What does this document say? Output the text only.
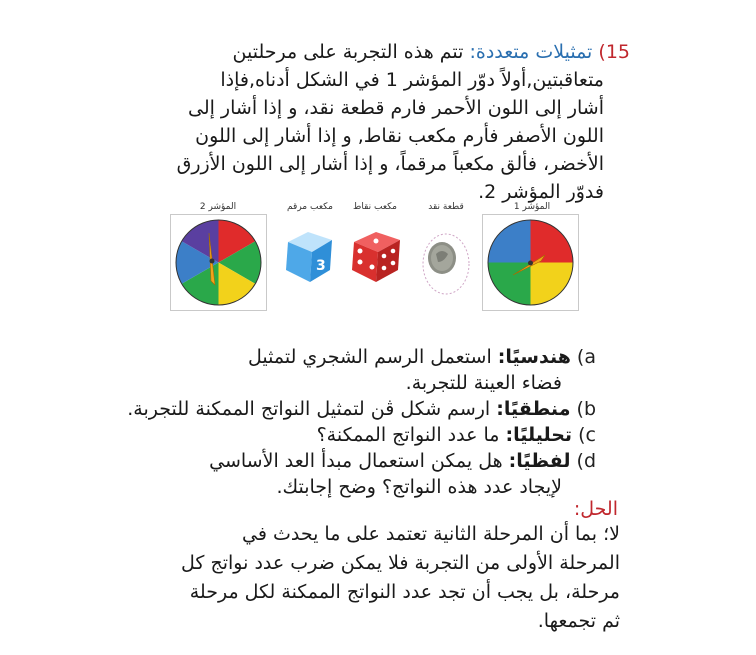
15) تمثيلات متعددة: تتم هذه التجربة على مرحلتين
متعاقبتين,أولاً دوّر المؤشر 1 في الشكل أدناه,فإذا
أشار إلى اللون الأحمر فارم قطعة نقد، و إذا أشار إلى
اللون الأصفر فأرم مكعب نقاط, و إذا أشار إلى اللون
الأخضر، فألق مكعباً مرقماً، و إذا أشار إلى اللون الأزرق
فدوّر المؤشر 2.
المؤشر 1
قطعة نقد
مكعب نقاط
مكعب مرقم
المؤشر 2
3
a) هندسيًا: استعمل الرسم الشجري لتمثيل
فضاء العينة للتجربة.
b) منطقيًا: ارسم شكل ڤن لتمثيل النواتج الممكنة للتجربة.
c) تحليليًا: ما عدد النواتج الممكنة؟
d) لفظيًا: هل يمكن استعمال مبدأ العد الأساسي
لإيجاد عدد هذه النواتج؟ وضح إجابتك.
الحل:
لا؛ بما أن المرحلة الثانية تعتمد على ما يحدث في
المرحلة الأولى من التجربة فلا يمكن ضرب عدد نواتج كل
مرحلة، بل يجب أن تجد عدد النواتج الممكنة لكل مرحلة
ثم تجمعها.
